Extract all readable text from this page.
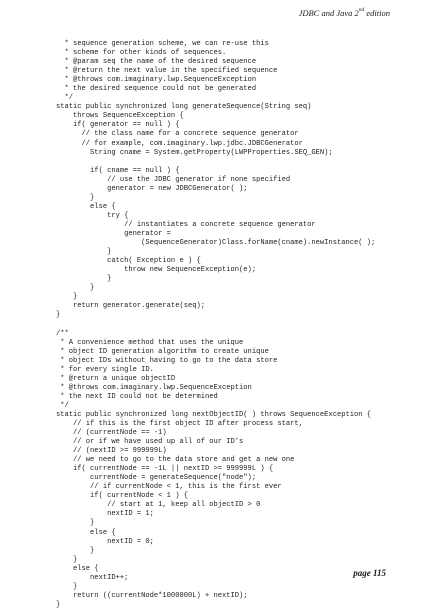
JDBC and Java 2nd edition
* sequence generation scheme, we can re-use this
* scheme for other kinds of sequences.
* @param seq the name of the desired sequence
* @return the next value in the specified sequence
* @throws com.imaginary.lwp.SequenceException
* the desired sequence could not be generated
*/
static public synchronized long generateSequence(String seq)
throws SequenceException {
if( generator == null ) {
// the class name for a concrete sequence generator
// for example, com.imaginary.lwp.jdbc.JDBCGenerator
String cname = System.getProperty(LWPProperties.SEQ_GEN);
if( cname == null ) {
// use the JDBC generator if none specified
generator = new JDBCGenerator( );
}
else {
try {
// instantiates a concrete sequence generator
generator =
(SequenceGenerator)Class.forName(cname).newInstance( );
}
catch( Exception e ) {
throw new SequenceException(e);
}
}
}
return generator.generate(seq);
}
/**
* A convenience method that uses the unique
* object ID generation algorithm to create unique
* object IDs without having to go to the data store
* for every single ID.
* @return a unique objectID
* @throws com.imaginary.lwp.SequenceException
* the next ID could not be determined
*/
static public synchronized long nextObjectID( ) throws SequenceException {
// if this is the first object ID after process start,
// (currentNode == -1)
// or if we have used up all of our ID's
// (nextID >= 999999L)
// we need to go to the data store and get a new one
if( currentNode == -1L || nextID >= 999999L ) {
currentNode = generateSequence("node");
// if currentNode < 1, this is the first ever
if( currentNode < 1 ) {
// start at 1, keep all objectID > 0
nextID = 1;
}
else {
nextID = 0;
}
}
else {
nextID++;
}
return ((currentNode*1000000L) + nextID);
}
page 115
